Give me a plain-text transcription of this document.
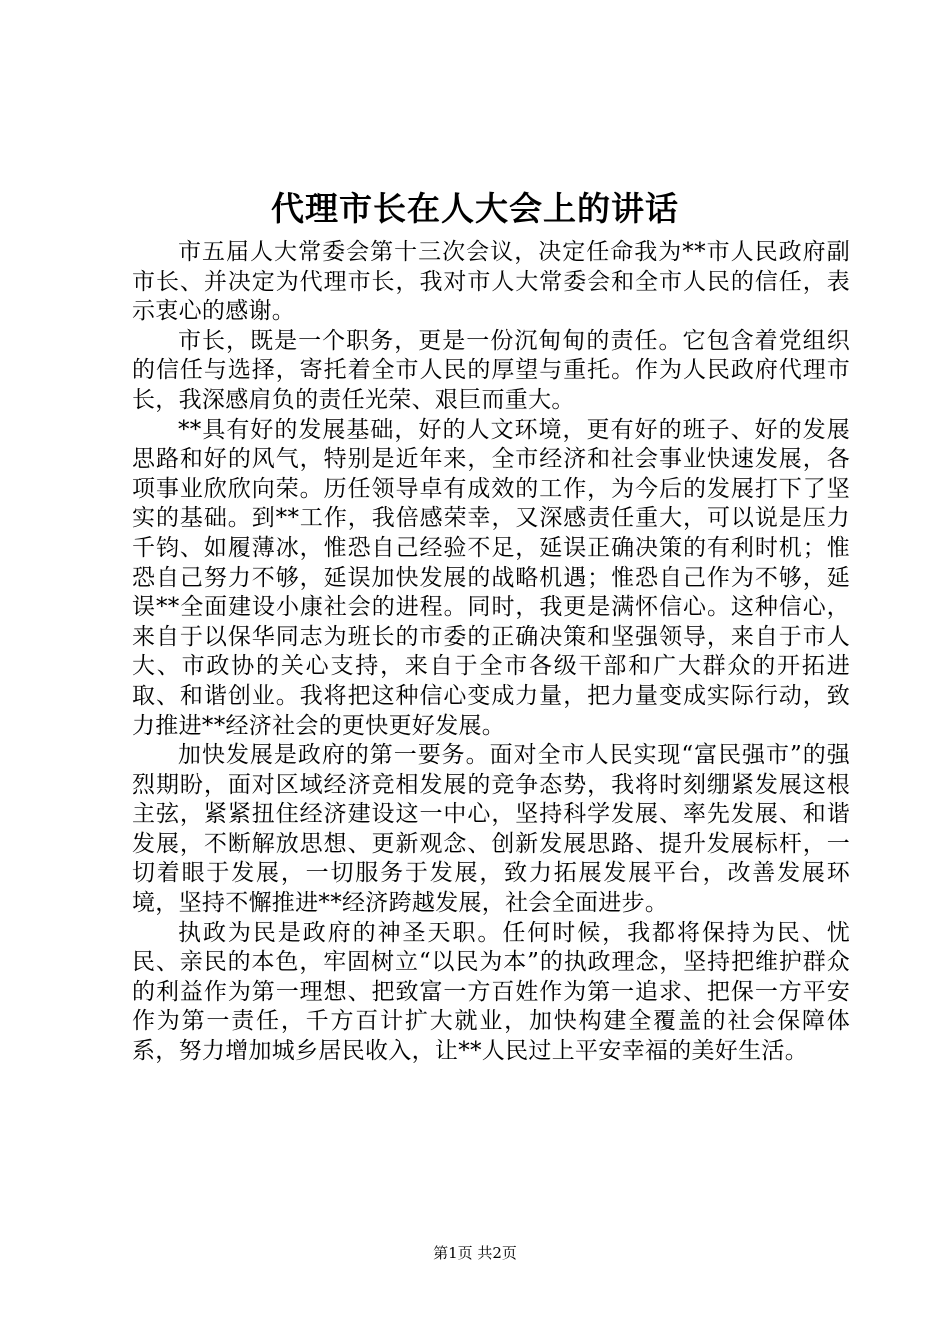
代理市长在人大会上的讲话

市五届人大常委会第十三次会议，决定任命我为**市人民政府副市长、并决定为代理市长，我对市人大常委会和全市人民的信任，表示衷心的感谢。

市长，既是一个职务，更是一份沉甸甸的责任。它包含着党组织的信任与选择，寄托着全市人民的厚望与重托。作为人民政府代理市长，我深感肩负的责任光荣、艰巨而重大。

**具有好的发展基础，好的人文环境，更有好的班子、好的发展思路和好的风气，特别是近年来，全市经济和社会事业快速发展，各项事业欣欣向荣。历任领导卓有成效的工作，为今后的发展打下了坚实的基础。到**工作，我倍感荣幸，又深感责任重大，可以说是压力千钧、如履薄冰，惟恐自己经验不足，延误正确决策的有利时机；惟恐自己努力不够，延误加快发展的战略机遇；惟恐自己作为不够，延误**全面建设小康社会的进程。同时，我更是满怀信心。这种信心，来自于以保华同志为班长的市委的正确决策和坚强领导，来自于市人大、市政协的关心支持，来自于全市各级干部和广大群众的开拓进取、和谐创业。我将把这种信心变成力量，把力量变成实际行动，致力推进**经济社会的更快更好发展。

加快发展是政府的第一要务。面对全市人民实现“富民强市”的强烈期盼，面对区域经济竞相发展的竞争态势，我将时刻绷紧发展这根主弦，紧紧扭住经济建设这一中心，坚持科学发展、率先发展、和谐发展，不断解放思想、更新观念、创新发展思路、提升发展标杆，一切着眼于发展，一切服务于发展，致力拓展发展平台，改善发展环境，坚持不懈推进**经济跨越发展，社会全面进步。

执政为民是政府的神圣天职。任何时候，我都将保持为民、忧民、亲民的本色，牢固树立“以民为本”的执政理念，坚持把维护群众的利益作为第一理想、把致富一方百姓作为第一追求、把保一方平安作为第一责任，千方百计扩大就业，加快构建全覆盖的社会保障体系，努力增加城乡居民收入，让**人民过上平安幸福的美好生活。

第1页 共2页
